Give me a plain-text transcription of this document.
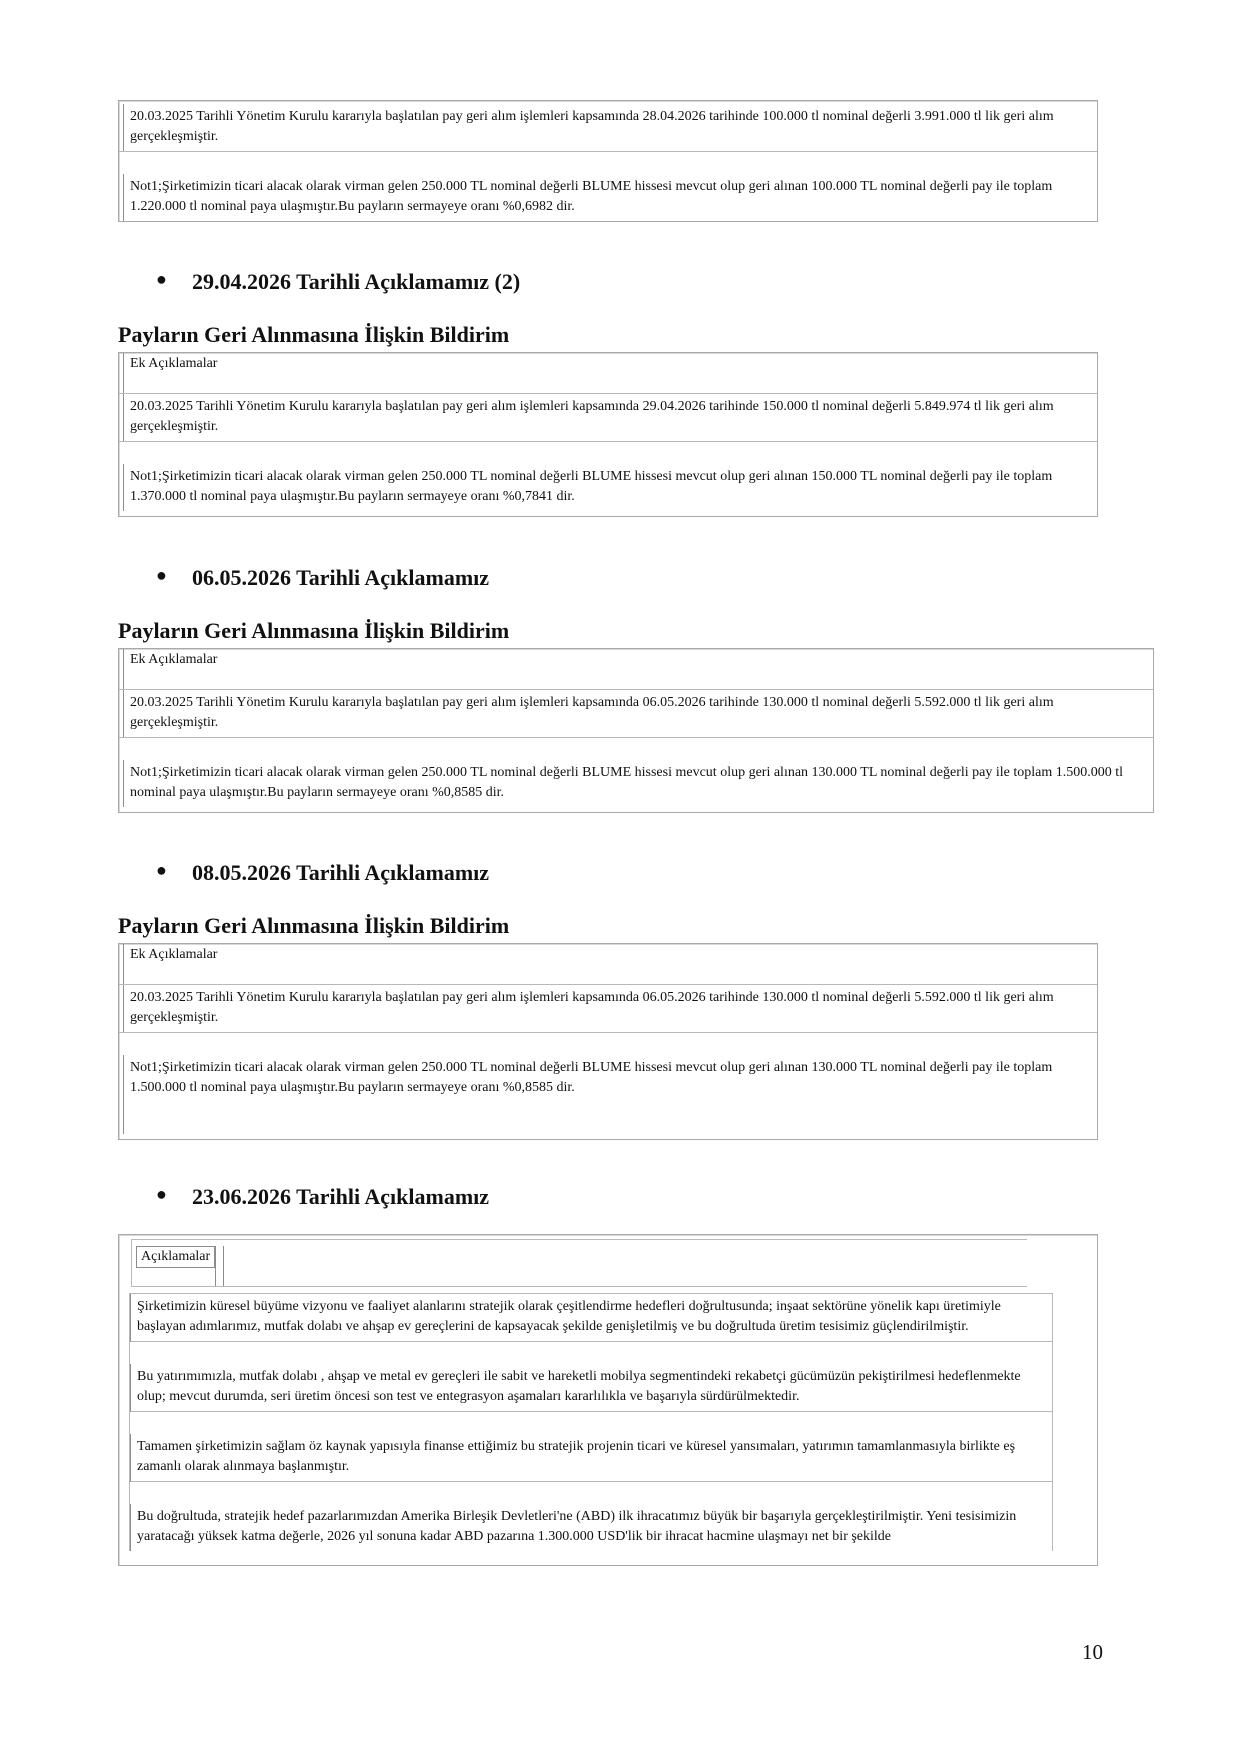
20.03.2025 Tarihli Yönetim Kurulu kararıyla başlatılan pay geri alım işlemleri kapsamında 28.04.2026 tarihinde 100.000 tl nominal değerli 3.991.000 tl lik geri alım gerçekleşmiştir.
Not1;Şirketimizin ticari alacak olarak virman gelen 250.000 TL nominal değerli BLUME hissesi mevcut olup geri alınan 100.000 TL nominal değerli pay ile toplam 1.220.000 tl nominal paya ulaşmıştır.Bu payların sermayeye oranı %0,6982 dir.
● 29.04.2026 Tarihli Açıklamamız (2)
Payların Geri Alınmasına İlişkin Bildirim
Ek Açıklamalar
20.03.2025 Tarihli Yönetim Kurulu kararıyla başlatılan pay geri alım işlemleri kapsamında 29.04.2026 tarihinde 150.000 tl nominal değerli 5.849.974 tl lik geri alım gerçekleşmiştir.
Not1;Şirketimizin ticari alacak olarak virman gelen 250.000 TL nominal değerli BLUME hissesi mevcut olup geri alınan 150.000 TL nominal değerli pay ile toplam 1.370.000 tl nominal paya ulaşmıştır.Bu payların sermayeye oranı %0,7841 dir.
● 06.05.2026 Tarihli Açıklamamız
Payların Geri Alınmasına İlişkin Bildirim
Ek Açıklamalar
20.03.2025 Tarihli Yönetim Kurulu kararıyla başlatılan pay geri alım işlemleri kapsamında 06.05.2026 tarihinde 130.000 tl nominal değerli 5.592.000 tl lik geri alım gerçekleşmiştir.
Not1;Şirketimizin ticari alacak olarak virman gelen 250.000 TL nominal değerli BLUME hissesi mevcut olup geri alınan 130.000 TL nominal değerli pay ile toplam 1.500.000 tl nominal paya ulaşmıştır.Bu payların sermayeye oranı %0,8585 dir.
● 08.05.2026 Tarihli Açıklamamız
Payların Geri Alınmasına İlişkin Bildirim
Ek Açıklamalar
20.03.2025 Tarihli Yönetim Kurulu kararıyla başlatılan pay geri alım işlemleri kapsamında 06.05.2026 tarihinde 130.000 tl nominal değerli 5.592.000 tl lik geri alım gerçekleşmiştir.
Not1;Şirketimizin ticari alacak olarak virman gelen 250.000 TL nominal değerli BLUME hissesi mevcut olup geri alınan 130.000 TL nominal değerli pay ile toplam 1.500.000 tl nominal paya ulaşmıştır.Bu payların sermayeye oranı %0,8585 dir.
● 23.06.2026 Tarihli Açıklamamız
Açıklamalar
Şirketimizin küresel büyüme vizyonu ve faaliyet alanlarını stratejik olarak çeşitlendirme hedefleri doğrultusunda; inşaat sektörüne yönelik kapı üretimiyle başlayan adımlarımız, mutfak dolabı ve ahşap ev gereçlerini de kapsayacak şekilde genişletilmiş ve bu doğrultuda üretim tesisimiz güçlendirilmiştir.
Bu yatırımımızla, mutfak dolabı , ahşap ve metal ev gereçleri ile sabit ve hareketli mobilya segmentindeki rekabetçi gücümüzün pekiştirilmesi hedeflenmekte olup; mevcut durumda, seri üretim öncesi son test ve entegrasyon aşamaları kararlılıkla ve başarıyla sürdürülmektedir.
Tamamen şirketimizin sağlam öz kaynak yapısıyla finanse ettiğimiz bu stratejik projenin ticari ve küresel yansımaları, yatırımın tamamlanmasıyla birlikte eş zamanlı olarak alınmaya başlanmıştır.
Bu doğrultuda, stratejik hedef pazarlarımızdan Amerika Birleşik Devletleri'ne (ABD) ilk ihracatımız büyük bir başarıyla gerçekleştirilmiştir. Yeni tesisimizin yaratacağı yüksek katma değerle, 2026 yıl sonuna kadar ABD pazarına 1.300.000 USD'lik bir ihracat hacmine ulaşmayı net bir şekilde
10
